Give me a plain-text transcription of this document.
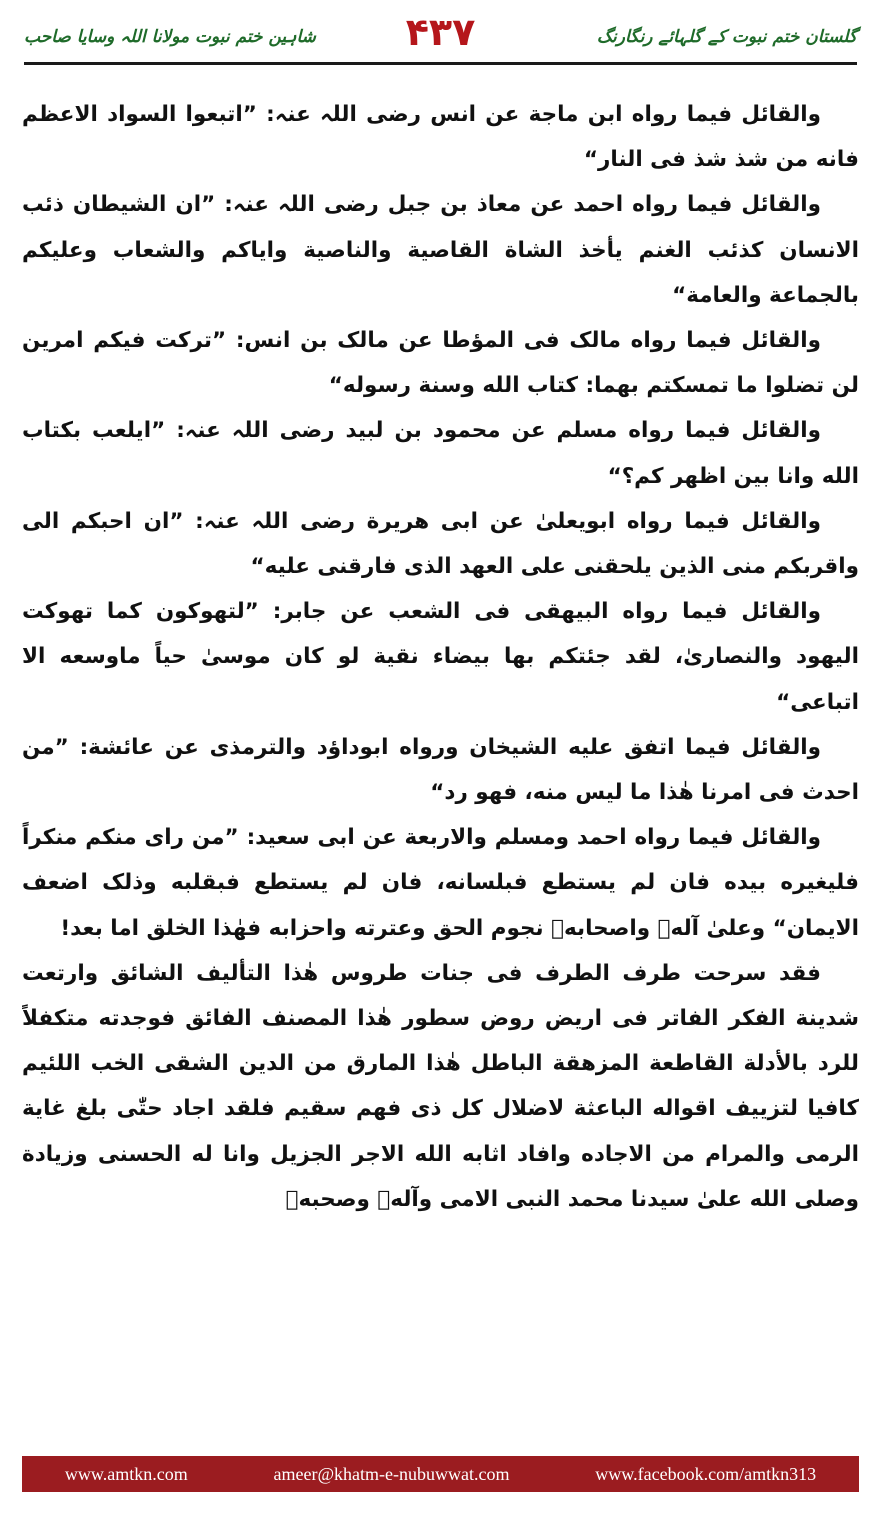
شاہین ختم نبوت مولانا اللہ وسایا صاحب ۴۳۷	گلستان ختم نبوت کے گلہائے رنگارنگ

والقائل فيما رواه ابن ماجة عن انس رضی اللہ عنہ: ”اتبعوا السواد الاعظم فانه من شذ شذ فی النار“

والقائل فيما رواه احمد عن معاذ بن جبل رضی اللہ عنہ: ”ان الشيطان ذئب الانسان كذئب الغنم يأخذ الشاة القاصية والناصية واياكم والشعاب وعليكم بالجماعة والعامة“

والقائل فيما رواه مالک فی المؤطا عن مالک بن انس: ”تركت فيكم امرين لن تضلوا ما تمسكتم بهما: كتاب الله وسنة رسوله“

والقائل فيما رواه مسلم عن محمود بن لبيد رضی اللہ عنہ: ”ايلعب بكتاب الله وانا بين اظهر كم؟“

والقائل فيما رواه ابويعلىٰ عن ابی هريرة رضی اللہ عنہ: ”ان احبكم الی واقربكم منی الذين يلحقنی علی العهد الذی فارقنی عليه“

والقائل فيما رواه البيهقی فی الشعب عن جابر: ”لتهوكون كما تهوكت اليهود والنصاریٰ، لقد جئتكم بها بيضاء نقية لو كان موسىٰ حياً ماوسعه الا اتباعی“

والقائل فيما اتفق عليه الشيخان ورواه ابوداؤد والترمذی عن عائشة: ”من احدث فی امرنا هٰذا ما ليس منه، فهو رد“

والقائل فيما رواه احمد ومسلم والاربعة عن ابی سعيد: ”من رای منكم منكراً فليغيره بيده فان لم يستطع فبلسانه، فان لم يستطع فبقلبه وذلک اضعف الايمان“ وعلیٰ آلهٖ واصحابهٖ نجوم الحق وعترته واحزابه فهٰذا الخلق اما بعد!

فقد سرحت طرف الطرف فی جنات طروس هٰذا التأليف الشائق وارتعت شدينة الفكر الفاتر فی اريض روض سطور هٰذا المصنف الفائق فوجدته متكفلاً للرد بالأدلة القاطعة المزهقة الباطل هٰذا المارق من الدين الشقی الخب اللئيم كافيا لتزييف اقواله الباعثة لاضلال كل ذی فهم سقيم فلقد اجاد حتّٰی بلغ غاية الرمی والمرام من الاجاده وافاد اثابه الله الاجر الجزيل وانا له الحسنی وزيادة وصلی الله علیٰ سيدنا محمد النبی الامی وآلهٖ وصحبهٖ

www.amtkn.com	ameer@khatm-e-nubuwwat.com	www.facebook.com/amtkn313
